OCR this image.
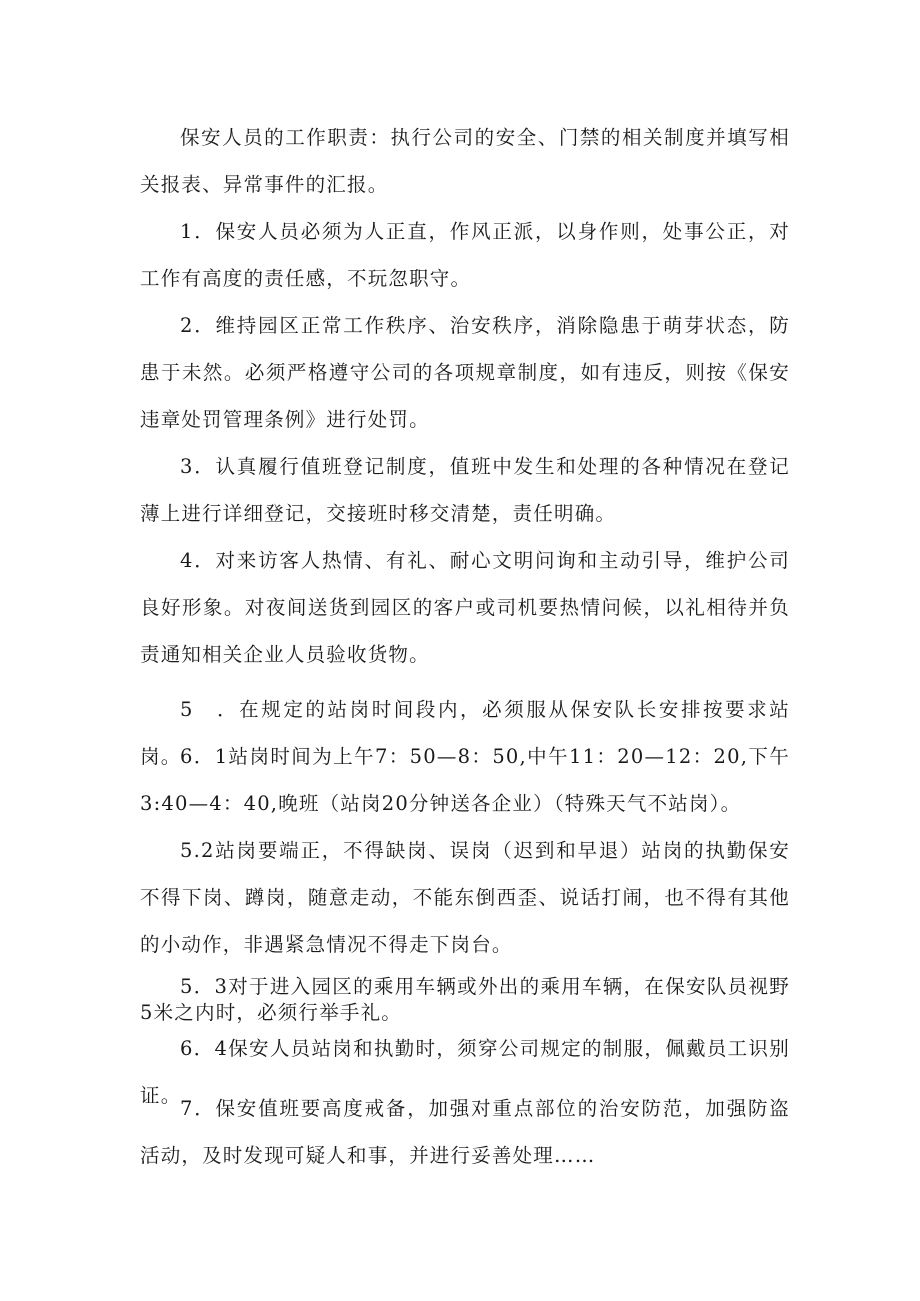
保安人员的工作职责：执行公司的安全、门禁的相关制度并填写相关报表、异常事件的汇报。

1．保安人员必须为人正直，作风正派，以身作则，处事公正，对工作有高度的责任感，不玩忽职守。

2．维持园区正常工作秩序、治安秩序，消除隐患于萌芽状态，防患于未然。必须严格遵守公司的各项规章制度，如有违反，则按《保安违章处罚管理条例》进行处罚。

3．认真履行值班登记制度，值班中发生和处理的各种情况在登记薄上进行详细登记，交接班时移交清楚，责任明确。

4．对来访客人热情、有礼、耐心文明问询和主动引导，维护公司良好形象。对夜间送货到园区的客户或司机要热情问候，以礼相待并负责通知相关企业人员验收货物。

5　．在规定的站岗时间段内，必须服从保安队长安排按要求站岗。

6．1站岗时间为上午7：50—8：50,中午11：20—12：20,下午3:40—4：40,晚班（站岗20分钟送各企业）（特殊天气不站岗）。

5.2站岗要端正，不得缺岗、误岗（迟到和早退）站岗的执勤保安不得下岗、蹲岗，随意走动，不能东倒西歪、说话打闹，也不得有其他的小动作，非遇紧急情况不得走下岗台。

5．3对于进入园区的乘用车辆或外出的乘用车辆，在保安队员视野5米之内时，必须行举手礼。

6．4保安人员站岗和执勤时，须穿公司规定的制服，佩戴员工识别证。

7．保安值班要高度戒备，加强对重点部位的治安防范，加强防盗活动，及时发现可疑人和事，并进行妥善处理……
